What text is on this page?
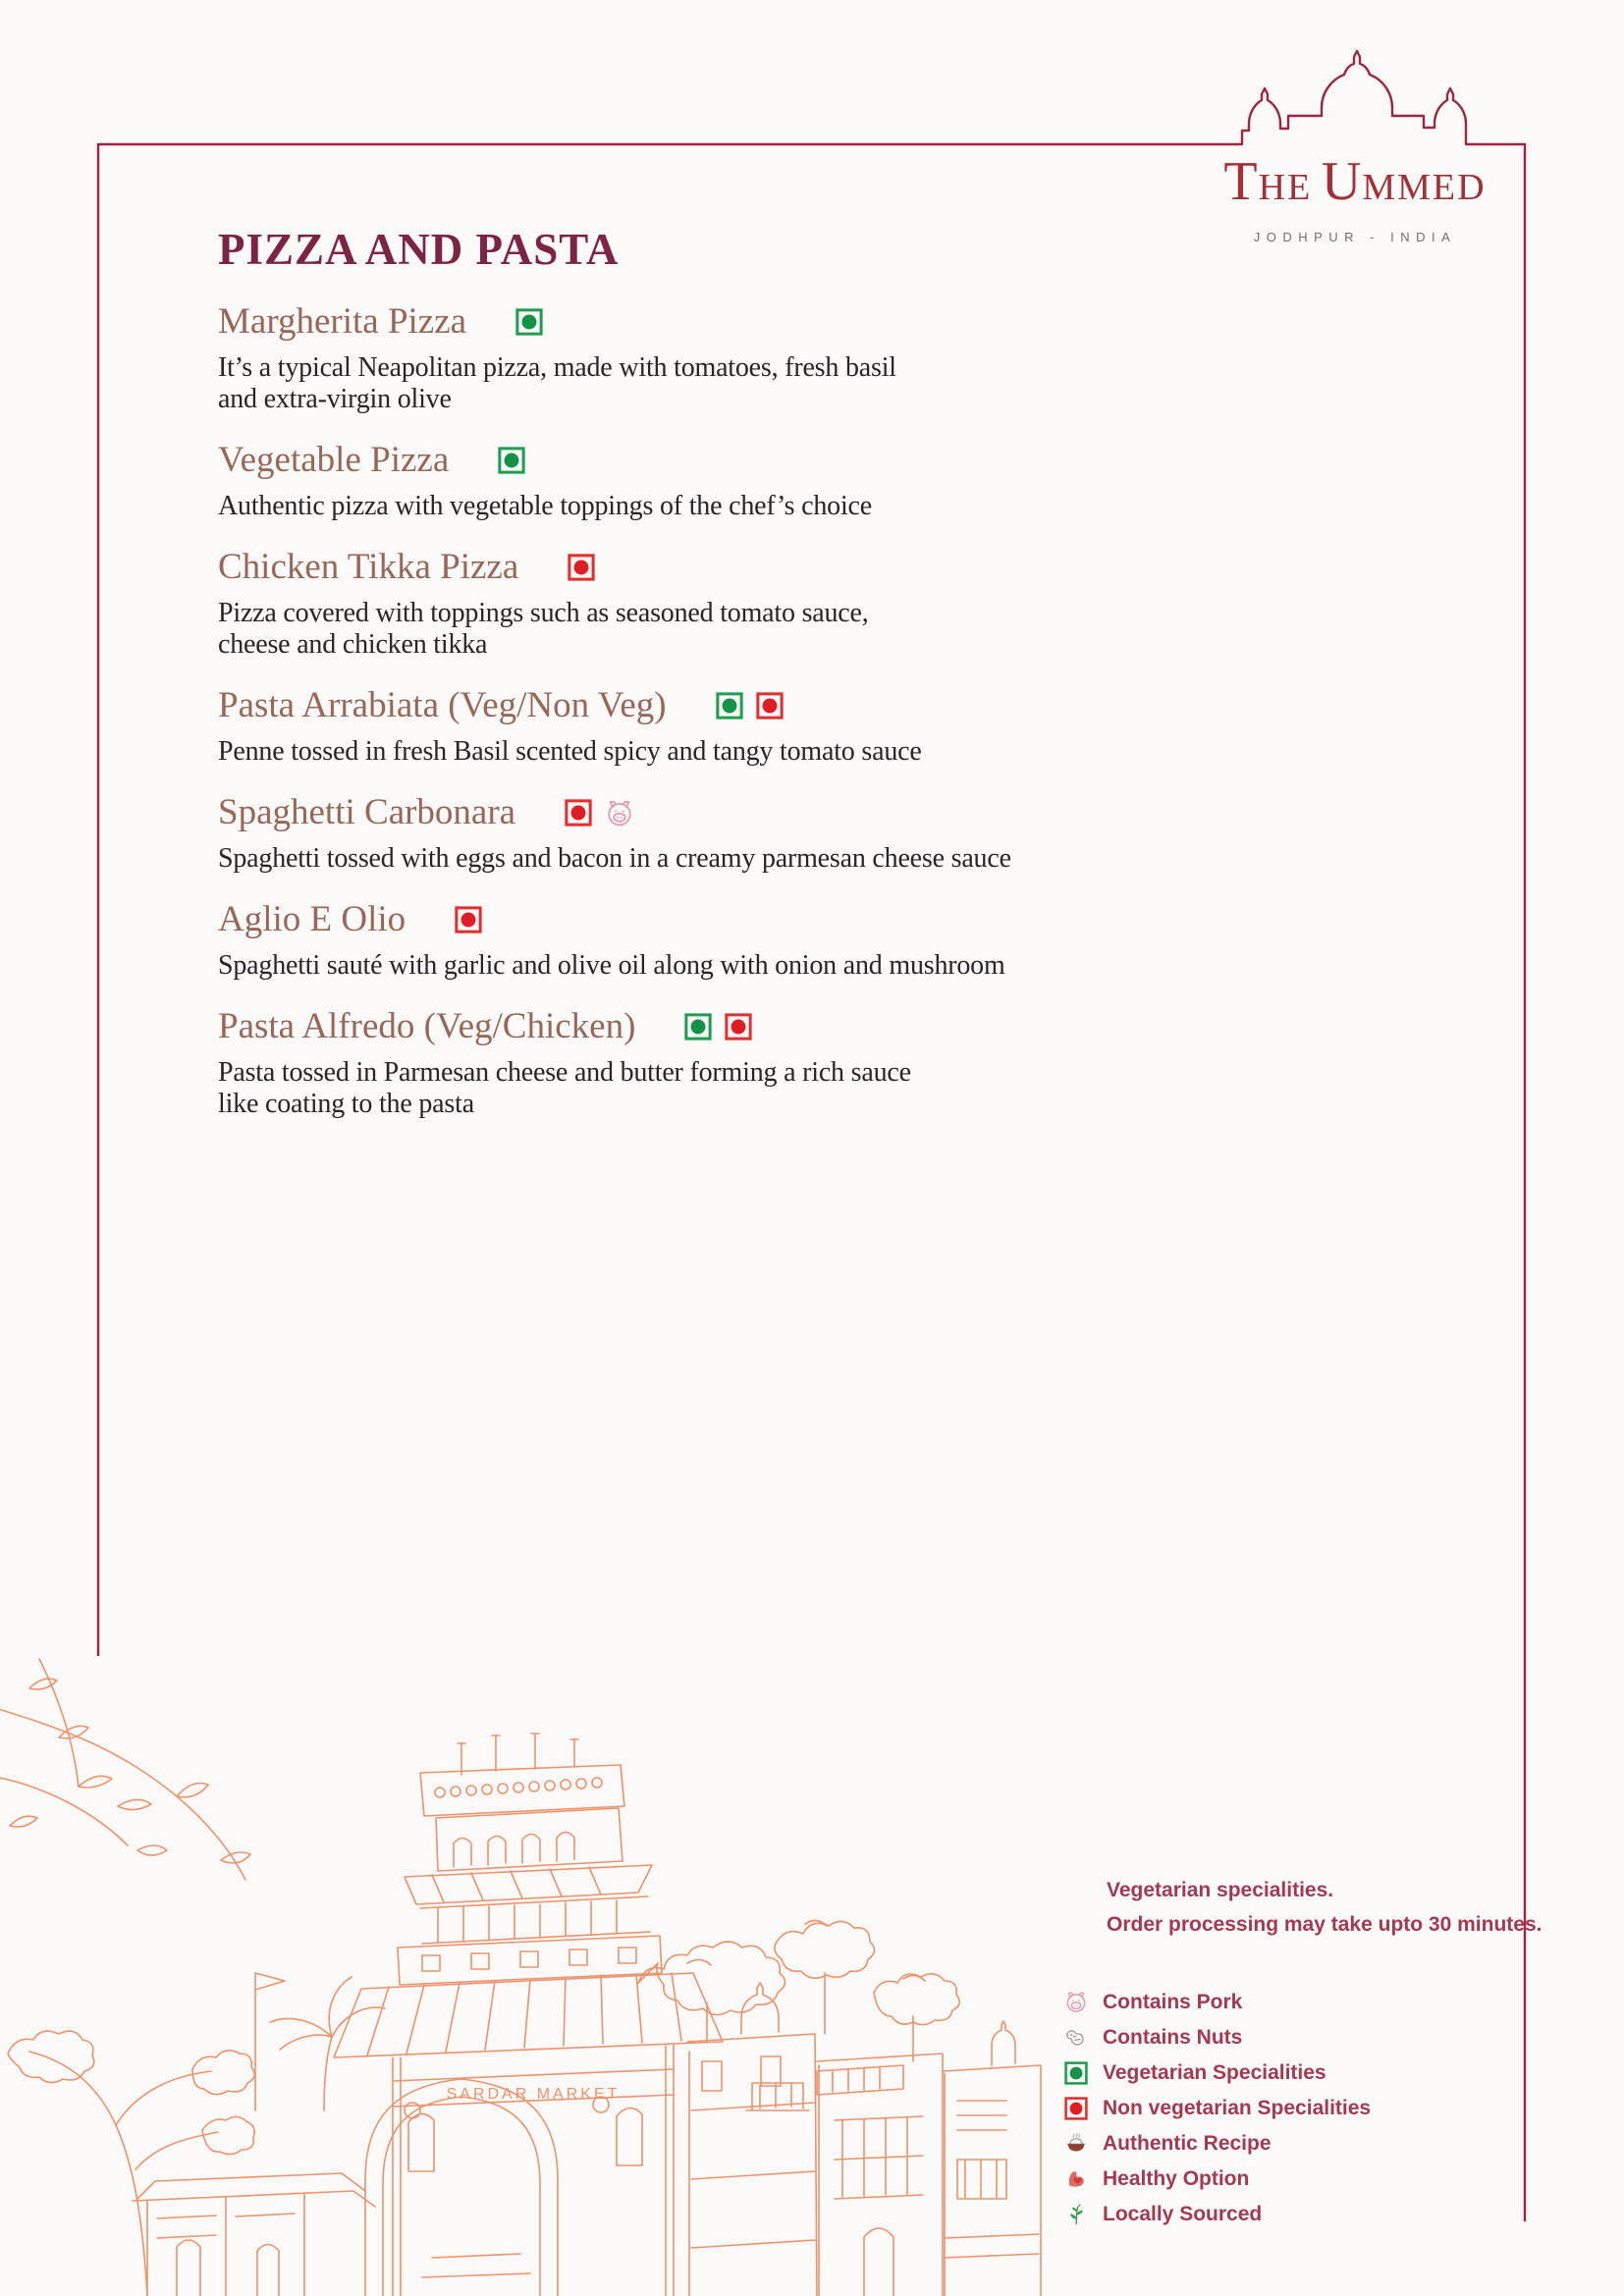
THE  UMMED
JODHPUR - INDIA
PIZZA AND PASTA
Margherita Pizza
It’s a typical Neapolitan pizza, made with tomatoes, fresh basil
and extra-virgin olive
Vegetable Pizza
Authentic pizza with vegetable toppings of the chef’s choice
Chicken Tikka Pizza
Pizza covered with toppings such as seasoned tomato sauce,
cheese and chicken tikka
Pasta Arrabiata (Veg/Non Veg)
Penne tossed in fresh Basil scented spicy and tangy tomato sauce
Spaghetti Carbonara
Spaghetti tossed with eggs and bacon in a creamy parmesan cheese sauce
Aglio E Olio
Spaghetti sauté with garlic and olive oil along with onion and mushroom
Pasta Alfredo (Veg/Chicken)
Pasta tossed in Parmesan cheese and butter forming a rich sauce
like coating to the pasta
Vegetarian specialities.
Order processing may take upto 30 minutes.
Contains Pork
Contains Nuts
Vegetarian Specialities
Non vegetarian Specialities
Authentic Recipe
Healthy Option
Locally Sourced
SARDAR MARKET
